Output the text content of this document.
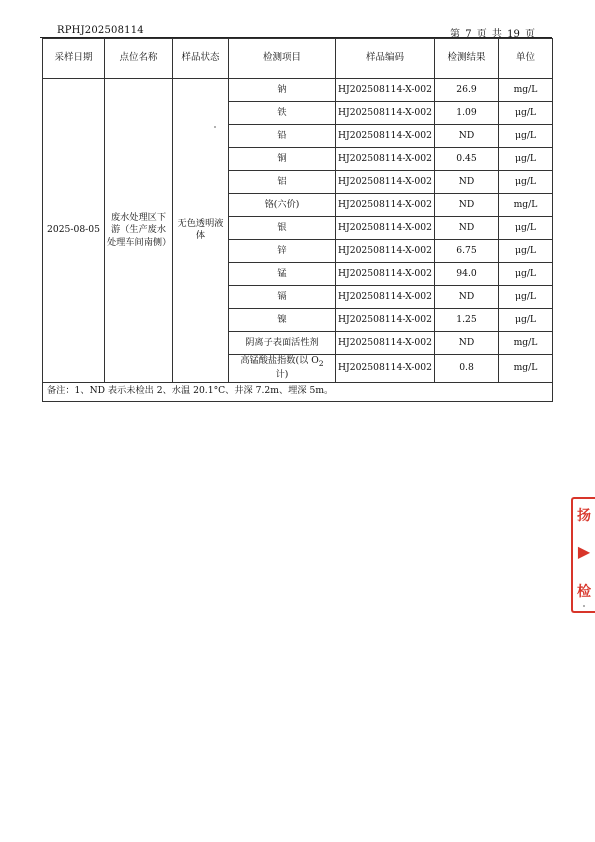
RPHJ202508114	第 7 页 共 19 页
采样日期	点位名称	样品状态	检测项目	样品编码	检测结果	单位
2025-08-05	废水处理区下游（生产废水处理车间南侧）	无色透明液体	钠	HJ202508114-X-002	26.9	mg/L
			铁	HJ202508114-X-002	1.09	μg/L
			铅	HJ202508114-X-002	ND	μg/L
			铜	HJ202508114-X-002	0.45	μg/L
			铝	HJ202508114-X-002	ND	μg/L
			铬(六价)	HJ202508114-X-002	ND	mg/L
			银	HJ202508114-X-002	ND	μg/L
			锌	HJ202508114-X-002	6.75	μg/L
			锰	HJ202508114-X-002	94.0	μg/L
			镉	HJ202508114-X-002	ND	μg/L
			镍	HJ202508114-X-002	1.25	μg/L
			阴离子表面活性剂	HJ202508114-X-002	ND	mg/L
			高锰酸盐指数(以 $O_2$
计)	HJ202508114-X-002	0.8	mg/L
备注：1、ND 表示未检出 2、水温 20.1°C、井深 7.2m、埋深 5m。						
扬
▶
检
